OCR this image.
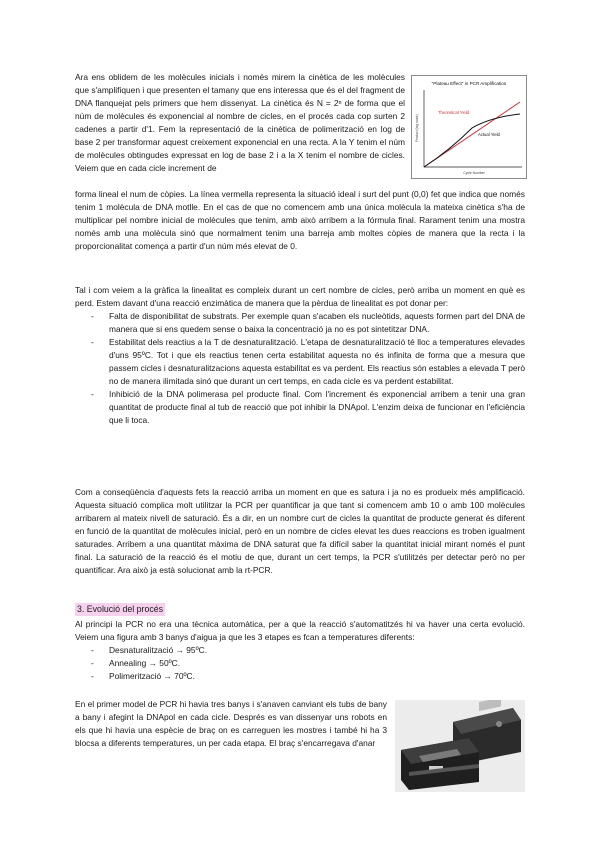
Ara ens oblidem de les molècules inicials i només mirem la cinètica de les molècules que s'amplifiquen i que presenten el tamany que ens interessa que és el del fragment de DNA flanquejat pels primers que hem dissenyat. La cinètica és N = 2ⁿ de forma que el núm de molècules és exponencial al nombre de cicles, en el procés cada cop surten 2 cadenes a partir d'1. Fem la representació de la cinètica de polimerització en log de base 2 per transformar aquest creixement exponencial en una recta. A la Y tenim el núm de molècules obtingudes expressat en log de base 2 i a la X tenim el nombre de cicles. Veiem que en cada cicle increment de

"Plateau Effect" in PCR Amplification
Product (log scale)
Theoretical Yield
Actual Yield
Cycle Number

forma lineal el num de còpies. La línea vermella representa la situació ideal i surt del punt (0,0) fet que indica que només tenim 1 molècula de DNA motlle. En el cas de que no comencem amb una única molècula la mateixa cinètica s'ha de multiplicar pel nombre inicial de molècules que tenim, amb això arribem a la fórmula final. Rarament tenim una mostra només amb una molècula sinó que normalment tenim una barreja amb moltes còpies de manera que la recta i la proporcionalitat comença a partir d'un núm més elevat de 0.

Tal i com veiem a la gràfica la linealitat es compleix durant un cert nombre de cicles, però arriba un moment en què es perd. Estem davant d'una reacció enzimàtica de manera que la pèrdua de linealitat es pot donar per:

- Falta de disponibilitat de substrats. Per exemple quan s'acaben els nucleòtids, aquests formen part del DNA de manera que si ens quedem sense o baixa la concentració ja no es pot sintetitzar DNA.
- Estabilitat dels reactius a la T de desnaturalització. L'etapa de desnaturalització té lloc a temperatures elevades d'uns 95ºC. Tot i que els reactius tenen certa estabilitat aquesta no és infinita de forma que a mesura que passem cicles i desnaturalitzacions aquesta estabilitat es va perdent. Els reactius són estables a elevada T però no de manera ilimitada sinó que durant un cert temps, en cada cicle es va perdent estabilitat.
- Inhibició de la DNA polimerasa pel producte final. Com l'increment és exponencial arribem a tenir una gran quantitat de producte final al tub de reacció que pot inhibir la DNApol. L'enzim deixa de funcionar en l'eficiència que li toca.

Com a conseqüència d'aquests fets la reacció arriba un moment en que es satura i ja no es produeix més amplificació. Aquesta situació complica molt utilitzar la PCR per quantificar ja que tant si comencem amb 10 o amb 100 molècules arribarem al mateix nivell de saturació. És a dir, en un nombre curt de cicles la quantitat de producte generat és diferent en funció de la quantitat de molècules inicial, però en un nombre de cicles elevat les dues reaccions es troben igualment saturades. Arribem a una quantitat màxima de DNA saturat que fa difícil saber la quantitat inicial mirant només el punt final. La saturació de la reacció és el motiu de que, durant un cert temps, la PCR s'utilitzés per detectar però no per quantificar. Ara això ja està solucionat amb la rt-PCR.

3. Evolució del procés

Al principi la PCR no era una tècnica automàtica, per a que la reacció s'automatitzés hi va haver una certa evolució. Veiem una figura amb 3 banys d'aigua ja que les 3 etapes es fcan a temperatures diferents:

- Desnaturalització → 95ºC.
- Annealing → 50ºC.
- Polimerització → 70ºC.

En el primer model de PCR hi havia tres banys i s'anaven canviant els tubs de bany a bany i afegint la DNApol en cada cicle. Després es van dissenyar uns robots en els que hi havia una espècie de braç on es carreguen les mostres i també hi ha 3 blocsa a diferents temperatures, un per cada etapa. El braç s'encarregava d'anar
